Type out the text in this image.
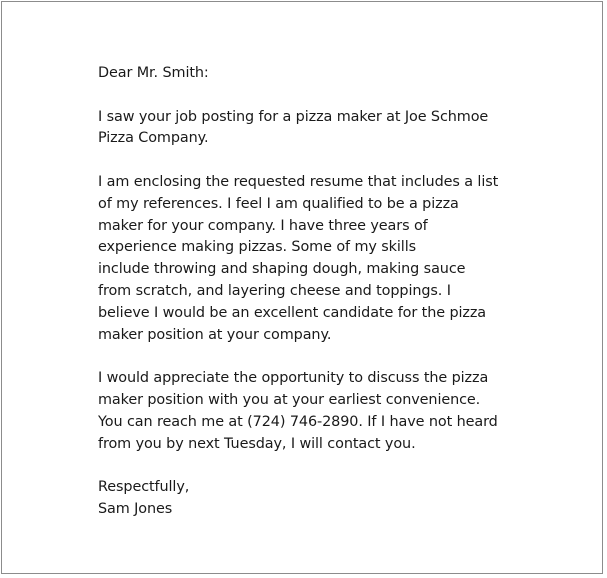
Dear Mr. Smith:
I saw your job posting for a pizza maker at Joe Schmoe
Pizza Company.
I am enclosing the requested resume that includes a list
of my references. I feel I am qualified to be a pizza
maker for your company. I have three years of
experience making pizzas. Some of my skills
include throwing and shaping dough, making sauce
from scratch, and layering cheese and toppings. I
believe I would be an excellent candidate for the pizza
maker position at your company.
I would appreciate the opportunity to discuss the pizza
maker position with you at your earliest convenience.
You can reach me at (724) 746-2890. If I have not heard
from you by next Tuesday, I will contact you.
Respectfully,
Sam Jones
